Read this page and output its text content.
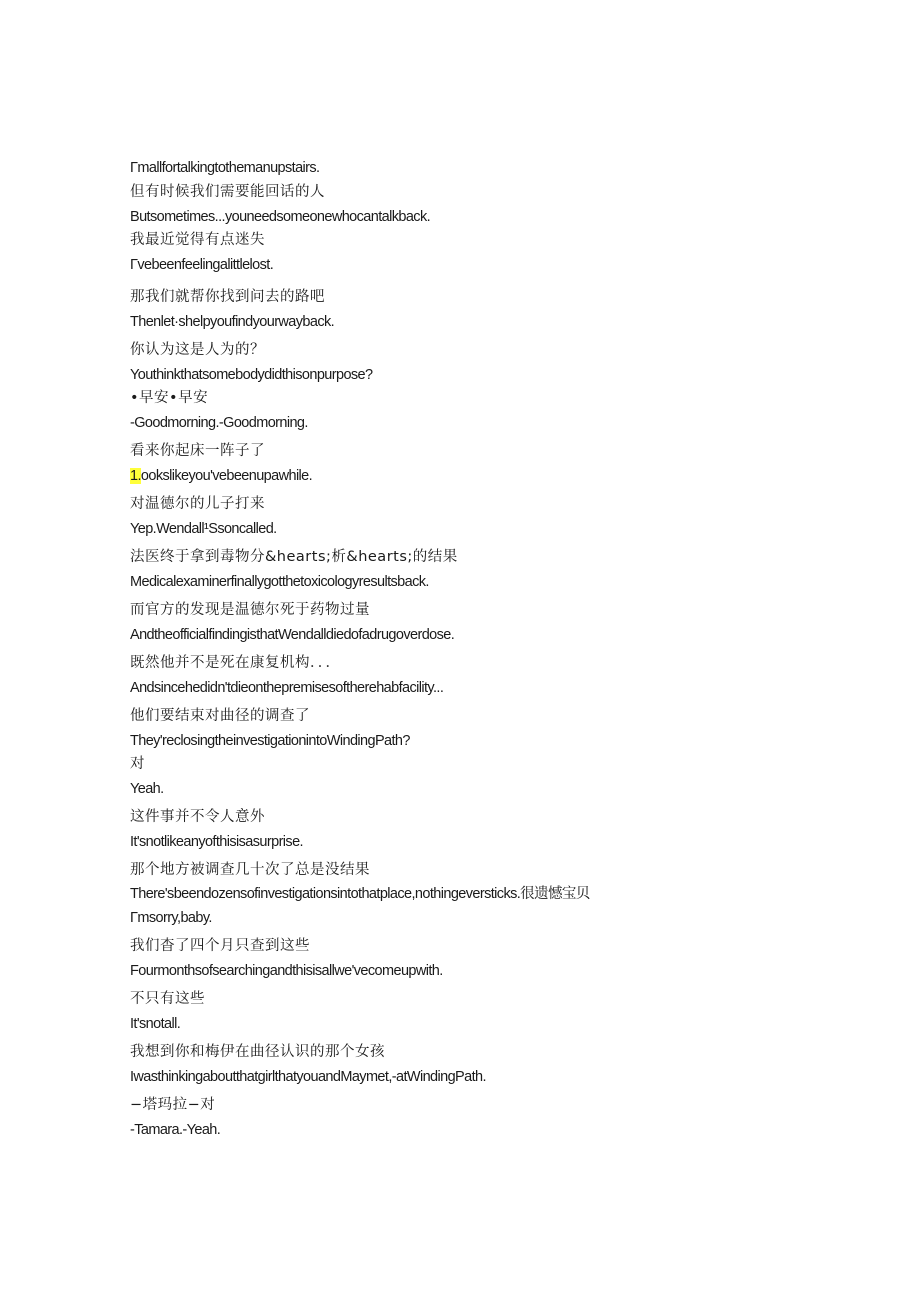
Γmallfortalkingtothemanupstairs.
但有时候我们需要能回话的人
Butsometimes...youneedsomeonewhocantalkback.
我最近觉得有点迷失
Γvebeenfeelingalittlelost.
那我们就帮你找到问去的路吧
Thenlet·shelpyoufindyourwayback.
你认为这是人为的？
Youthinkthatsomebodydidthisonpurpose?
•早安•早安
-Goodmorning.-Goodmorning.
看来你起床一阵子了
1.ookslikeyou'vebeenupawhile.
对温德尔的儿子打来
Yep.Wendall¹Ssoncalled.
法医终于拿到毒物分&hearts;析&hearts;的结果
Medicalexaminerfinallygotthetoxicologyresultsback.
而官方的发现是温德尔死于药物过量
AndtheofficialfindingisthatWendalldiedofadrugoverdose.
既然他并不是死在康复机构．．．
Andsincehedidn'tdieonthepremisesoftherehabfacility...
他们要结束对曲径的调查了
They'reclosingtheinvestigationintoWindingPath?
对
Yeah.
这件事并不令人意外
It'snotlikeanyofthisisasurprise.
那个地方被调查几十次了总是没结果
There'sbeendozensofinvestigationsintothatplace,nothingeversticks.很遗憾宝贝
Γmsorry,baby.
我们杳了四个月只查到这些
Fourmonthsofsearchingandthisisallwe'vecomeupwith.
不只有这些
It'snotall.
我想到你和梅伊在曲径认识的那个女孩
IwasthinkingaboutthatgirlthatyouandMaymet,-atWindingPath.
−塔玛拉−对
-Tamara.-Yeah.
